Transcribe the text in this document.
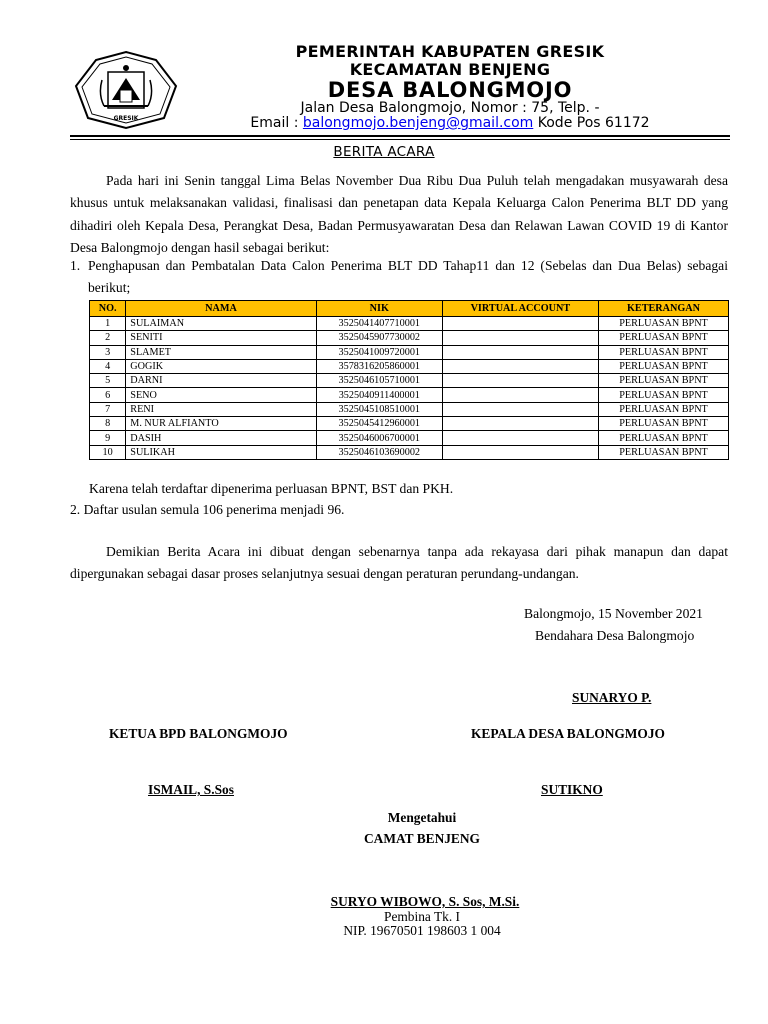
GRESIK
PEMERINTAH KABUPATEN GRESIK
KECAMATAN BENJENG
DESA BALONGMOJO
Jalan Desa Balongmojo, Nomor : 75, Telp. -
Email : balongmojo.benjeng@gmail.com Kode Pos 61172
BERITA ACARA
Pada hari ini Senin tanggal Lima Belas November Dua Ribu Dua Puluh telah mengadakan musyawarah desa khusus untuk melaksanakan validasi, finalisasi dan penetapan data Kepala Keluarga Calon Penerima BLT DD yang dihadiri oleh Kepala Desa, Perangkat Desa, Badan Permusyawaratan Desa dan Relawan Lawan COVID 19 di Kantor Desa Balongmojo dengan hasil sebagai berikut:
1. Penghapusan dan Pembatalan Data Calon Penerima BLT DD Tahap11 dan 12 (Sebelas dan Dua Belas) sebagai berikut;
NO.	NAMA	NIK	VIRTUAL ACCOUNT	KETERANGAN
1	SULAIMAN	3525041407710001		PERLUASAN BPNT
2	SENITI	3525045907730002		PERLUASAN BPNT
3	SLAMET	3525041009720001		PERLUASAN BPNT
4	GOGIK	3578316205860001		PERLUASAN BPNT
5	DARNI	3525046105710001		PERLUASAN BPNT
6	SENO	3525040911400001		PERLUASAN BPNT
7	RENI	3525045108510001		PERLUASAN BPNT
8	M. NUR ALFIANTO	3525045412960001		PERLUASAN BPNT
9	DASIH	3525046006700001		PERLUASAN BPNT
10	SULIKAH	3525046103690002		PERLUASAN BPNT
Karena telah terdaftar dipenerima perluasan BPNT, BST dan PKH.
2. Daftar usulan semula 106 penerima menjadi 96.
Demikian Berita Acara ini dibuat dengan sebenarnya tanpa ada rekayasa dari pihak manapun dan dapat dipergunakan sebagai dasar proses selanjutnya sesuai dengan peraturan perundang-undangan.
Balongmojo, 15 November 2021
Bendahara Desa Balongmojo
SUNARYO P.
KETUA BPD BALONGMOJO	KEPALA DESA BALONGMOJO
ISMAIL, S.Sos	SUTIKNO
Mengetahui
CAMAT BENJENG
SURYO WIBOWO, S. Sos, M.Si.
Pembina Tk. I
NIP. 19670501 198603 1 004
